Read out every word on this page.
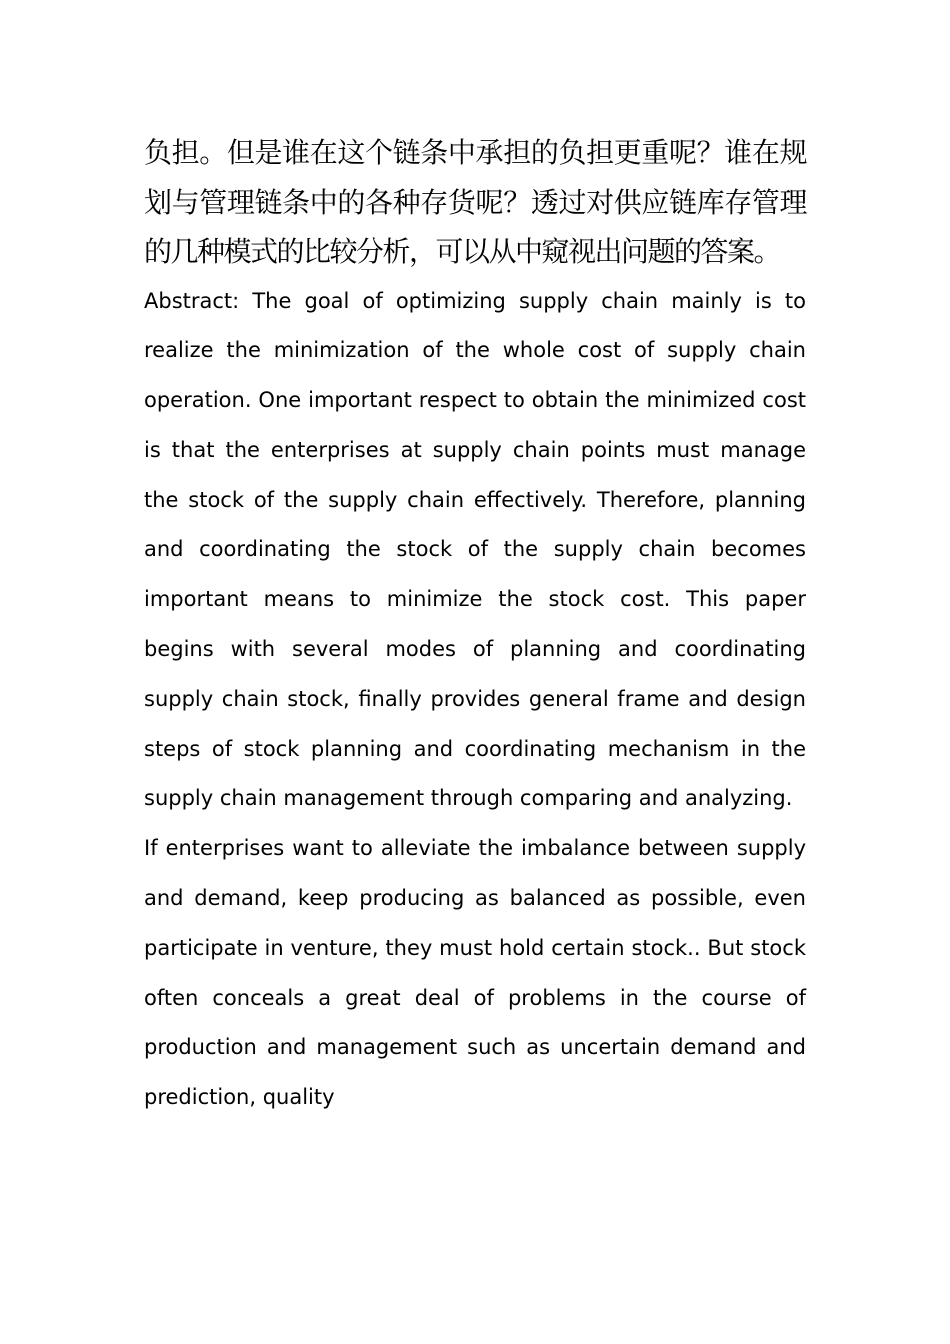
负担。但是谁在这个链条中承担的负担更重呢？谁在规划与管理链条中的各种存货呢？透过对供应链库存管理的几种模式的比较分析，可以从中窥视出问题的答案。

Abstract: The goal of optimizing supply chain mainly is to realize the minimization of the whole cost of supply chain operation. One important respect to obtain the minimized cost is that the enterprises at supply chain points must manage the stock of the supply chain effectively. Therefore, planning and coordinating the stock of the supply chain becomes important means to minimize the stock cost. This paper begins with several modes of planning and coordinating supply chain stock, finally provides general frame and design steps of stock planning and coordinating mechanism in the supply chain management through comparing and analyzing.

If enterprises want to alleviate the imbalance between supply and demand, keep producing as balanced as possible, even participate in venture, they must hold certain stock.. But stock often conceals a great deal of problems in the course of production and management such as uncertain demand and prediction, quality
